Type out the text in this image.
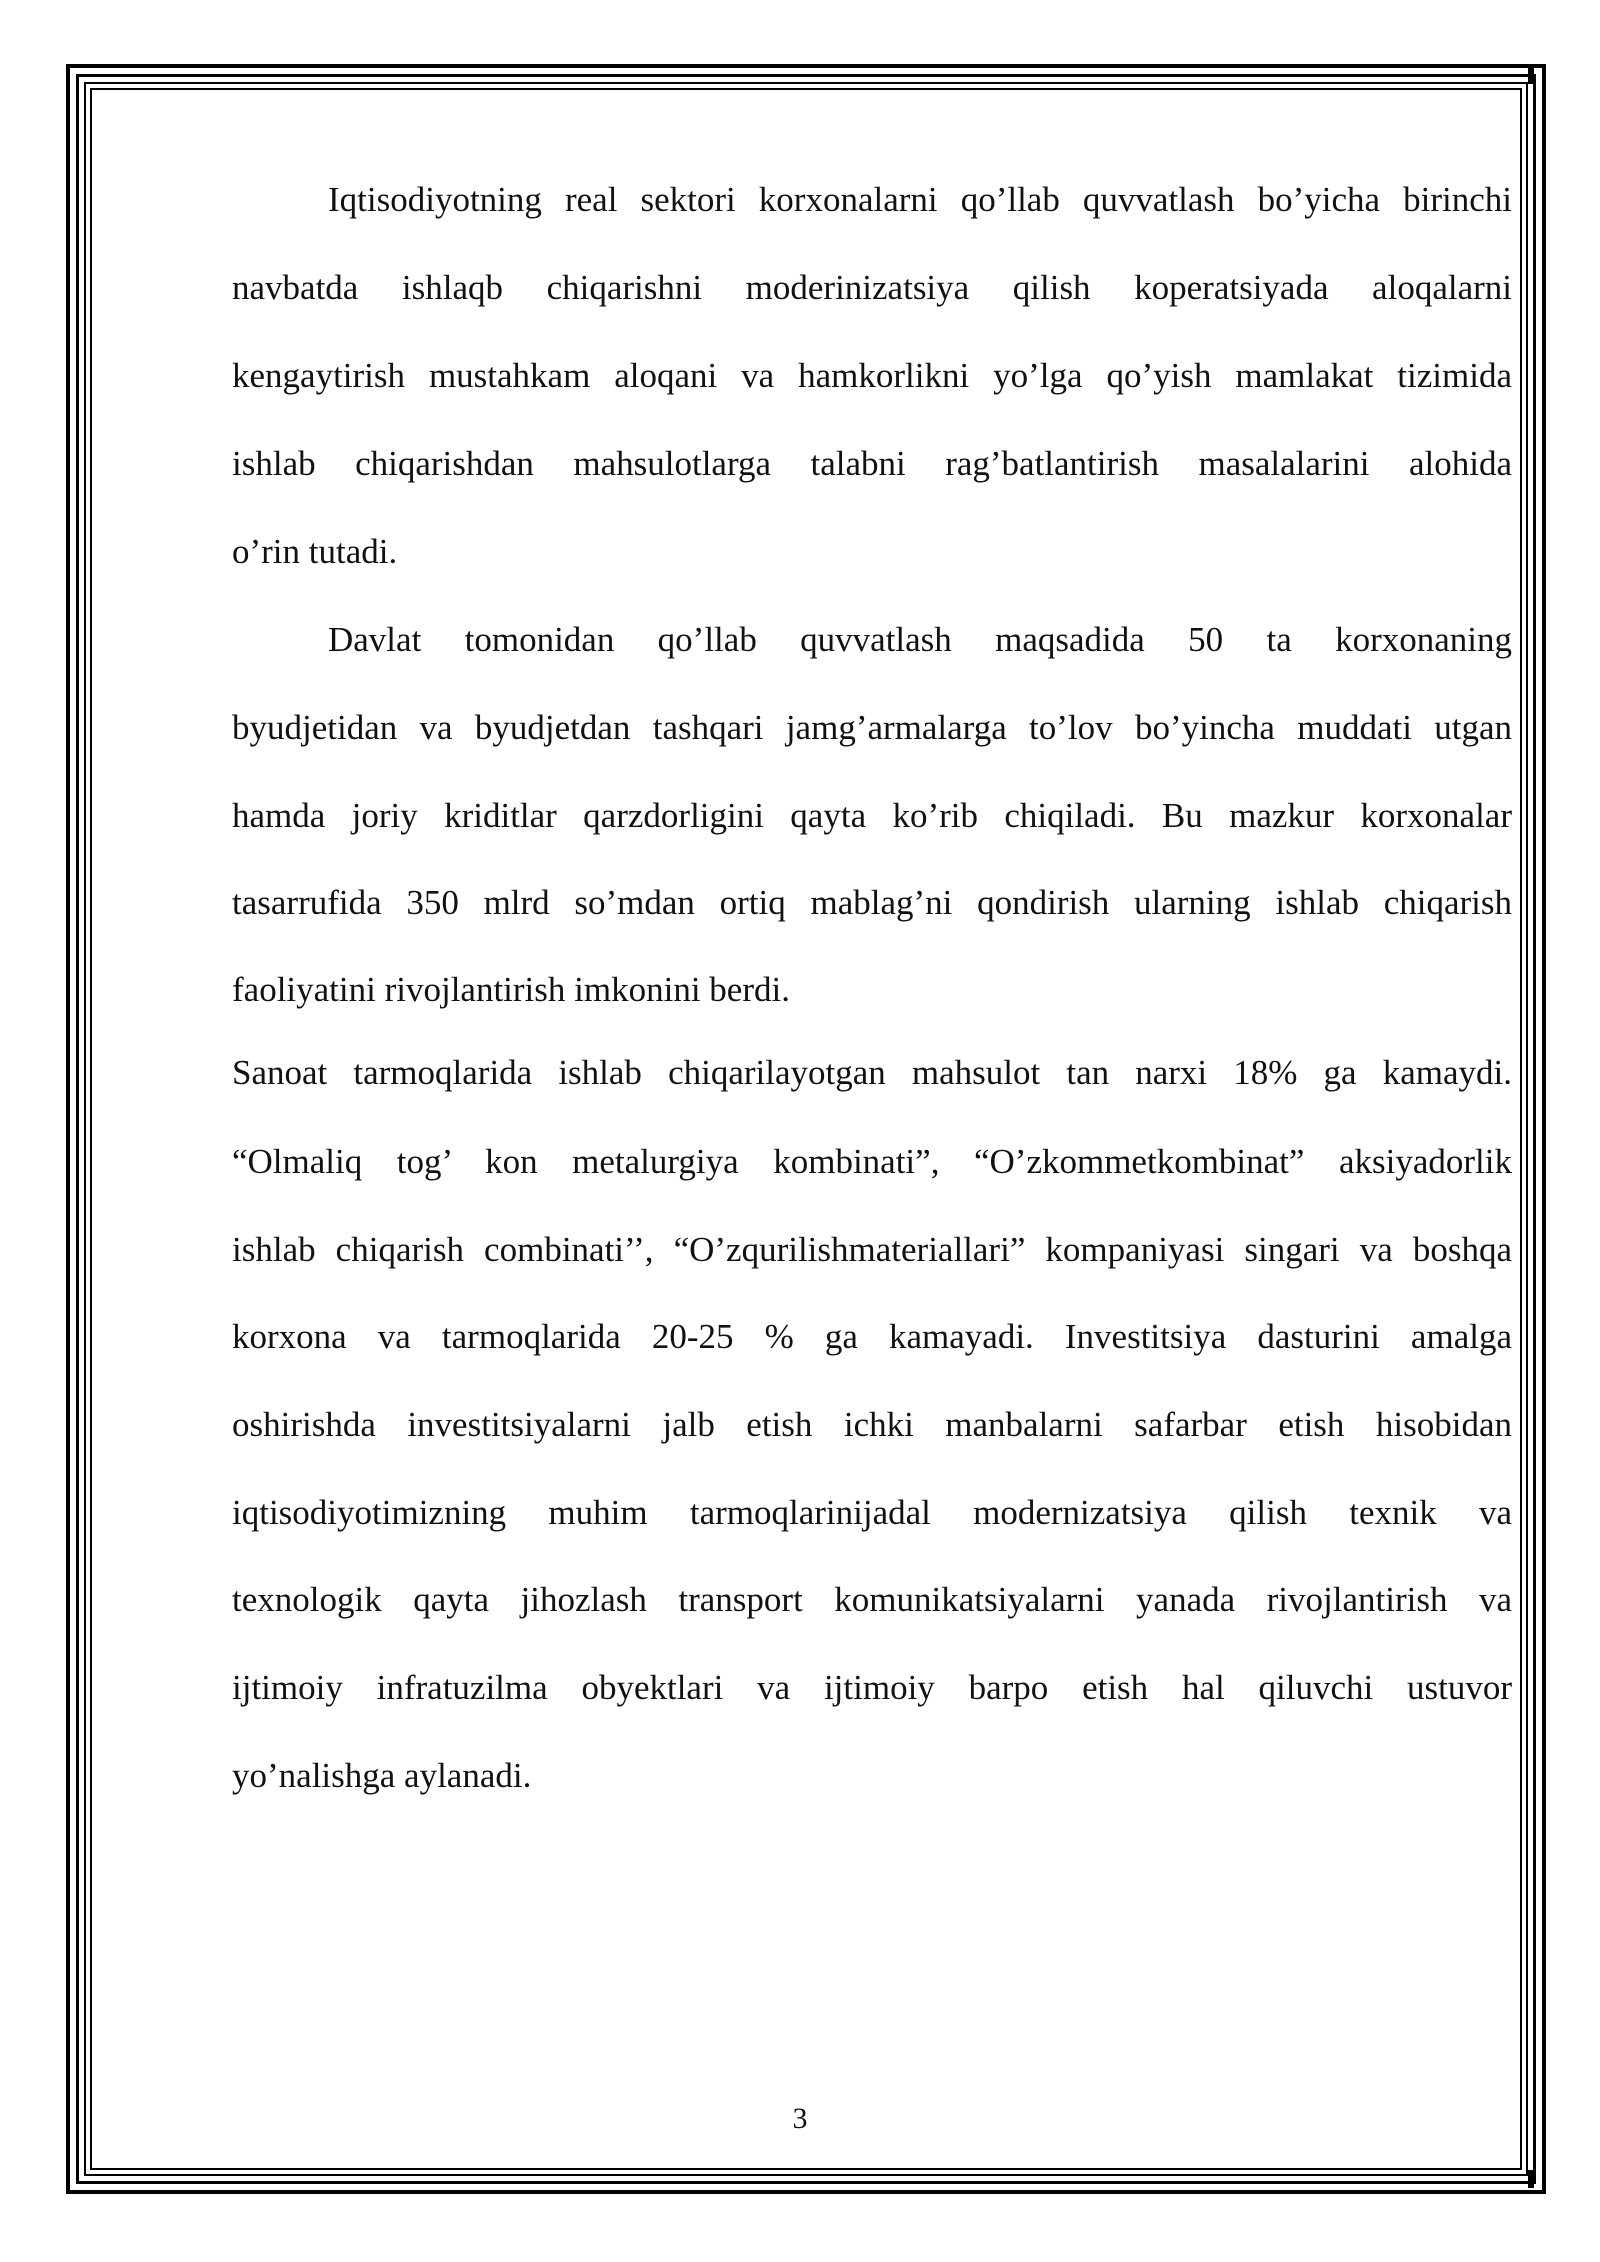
Iqtisodiyotning real sektori korxonalarni qo’llab quvvatlash bo’yicha birinchi
navbatda ishlaqb chiqarishni moderinizatsiya qilish koperatsiyada aloqalarni
kengaytirish mustahkam aloqani va hamkorlikni yo’lga qo’yish mamlakat tizimida
ishlab chiqarishdan mahsulotlarga talabni rag’batlantirish masalalarini alohida
o’rin tutadi.
Davlat tomonidan qo’llab quvvatlash maqsadida 50 ta korxonaning
byudjetidan va byudjetdan tashqari jamg’armalarga to’lov bo’yincha muddati utgan
hamda joriy kriditlar qarzdorligini qayta ko’rib chiqiladi. Bu mazkur korxonalar
tasarrufida 350 mlrd so’mdan ortiq mablag’ni qondirish ularning ishlab chiqarish
faoliyatini rivojlantirish imkonini berdi.
Sanoat tarmoqlarida ishlab chiqarilayotgan mahsulot tan narxi 18% ga kamaydi.
“Olmaliq tog’ kon metalurgiya kombinati”, “O’zkommetkombinat” aksiyadorlik
ishlab chiqarish combinati’’, “O’zqurilishmateriallari” kompaniyasi singari va boshqa
korxona va tarmoqlarida 20-25 % ga kamayadi. Investitsiya dasturini amalga
oshirishda investitsiyalarni jalb etish ichki manbalarni safarbar etish hisobidan
iqtisodiyotimizning muhim tarmoqlarinijadal modernizatsiya qilish texnik va
texnologik qayta jihozlash transport komunikatsiyalarni yanada rivojlantirish va
ijtimoiy infratuzilma obyektlari va ijtimoiy barpo etish hal qiluvchi ustuvor
yo’nalishga aylanadi.
3
